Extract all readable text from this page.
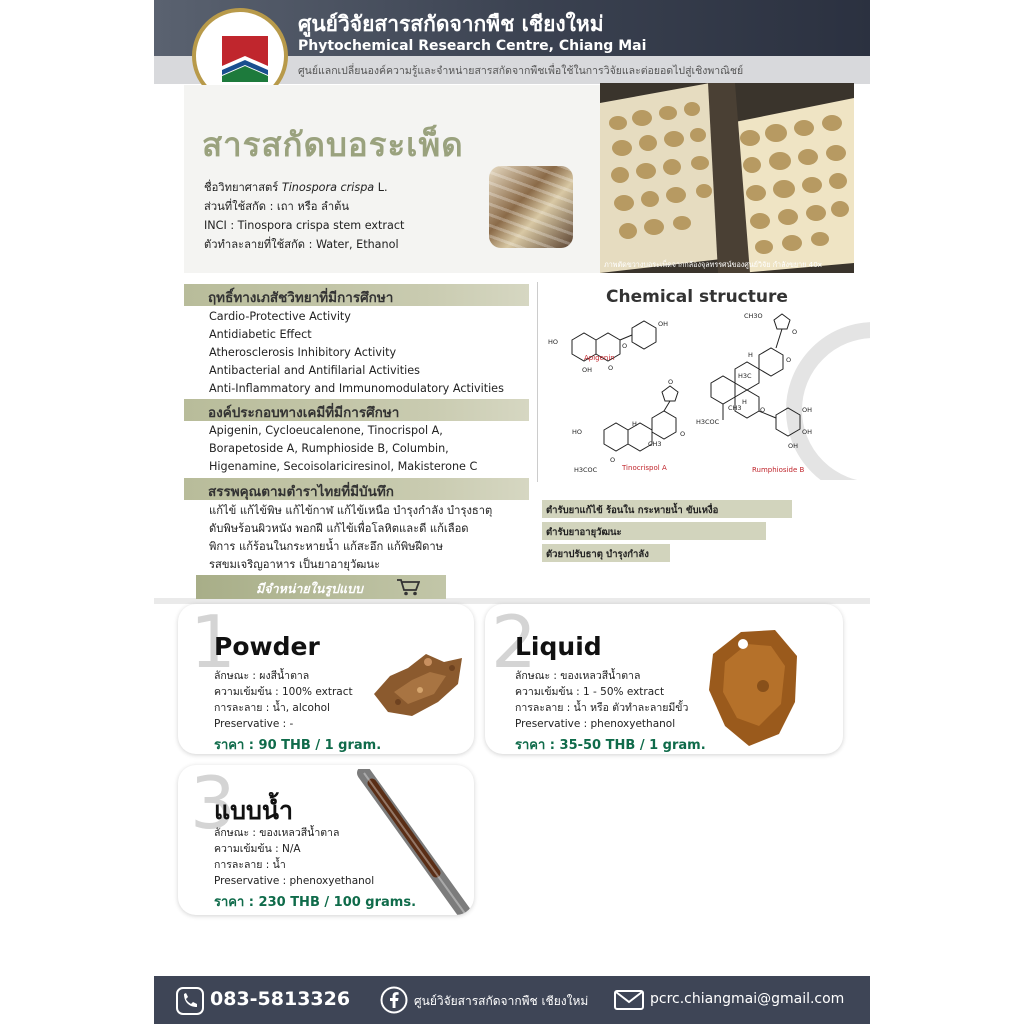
ศูนย์วิจัยสารสกัดจากพืช เชียงใหม่
Phytochemical Research Centre, Chiang Mai
ศูนย์แลกเปลี่ยนองค์ความรู้และจำหน่ายสารสกัดจากพืชเพื่อใช้ในการวิจัยและต่อยอดไปสู่เชิงพาณิชย์
สารสกัดบอระเพ็ด
ชื่อวิทยาศาสตร์ Tinospora crispa L.
ส่วนที่ใช้สกัด : เถา หรือ ลำต้น
INCI : Tinospora crispa stem extract
ตัวทำละลายที่ใช้สกัด : Water, Ethanol
ภาพตัดขวางบอระเพ็ดจากกล้องจุลทรรศน์ของศูนย์วิจัย กำลังขยาย 40x
ฤทธิ์ทางเภสัชวิทยาที่มีการศึกษา
Cardio-Protective Activity
Antidiabetic Effect
Atherosclerosis Inhibitory Activity
Antibacterial and Antifilarial Activities
Anti-Inflammatory and Immunomodulatory Activities
องค์ประกอบทางเคมีที่มีการศึกษา
Apigenin, Cycloeucalenone, Tinocrispol A,
Borapetoside A, Rumphioside B, Columbin,
Higenamine, Secoisolariciresinol, Makisterone C
สรรพคุณตามตำราไทยที่มีบันทึก
แก้ไข้ แก้ไข้พิษ แก้ไข้กาฬ แก้ไข้เหนือ บำรุงกำลัง บำรุงธาตุ
ดับพิษร้อนผิวหนัง พอกฝี แก้ไข้เพื่อโลหิตและดี แก้เลือด
พิการ แก้ร้อนในกระหายน้ำ แก้สะอึก แก้พิษฝีดาษ
รสขมเจริญอาหาร เป็นยาอายุวัฒนะ
Chemical structure
HO
OH
OH O
O
CH3O
O
O
H
H3C
H
CH3	O
H3COC
OH
OH
OH
HO
O
O
CH3
H
H3COC
O
Apigenin
Tinocrispol A	Rumphioside B
ตำรับยาแก้ไข้ ร้อนใน กระหายน้ำ ขับเหงื่อ
ตำรับยาอายุวัฒนะ
ตัวยาปรับธาตุ บำรุงกำลัง
มีจำหน่ายในรูปแบบ
1
Powder
ลักษณะ : ผงสีน้ำตาล
ความเข้มข้น : 100% extract
การละลาย : น้ำ, alcohol
Preservative : -
ราคา : 90 THB / 1 gram.
2
Liquid
ลักษณะ : ของเหลวสีน้ำตาล
ความเข้มข้น : 1 - 50% extract
การละลาย : น้ำ หรือ ตัวทำละลายมีขั้ว
Preservative : phenoxyethanol
ราคา : 35-50 THB / 1 gram.
3
แบบน้ำ
ลักษณะ : ของเหลวสีน้ำตาล
ความเข้มข้น : N/A
การละลาย : น้ำ
Preservative : phenoxyethanol
ราคา : 230 THB / 100 grams.
083-5813326	ศูนย์วิจัยสารสกัดจากพืช เชียงใหม่	pcrc.chiangmai@gmail.com
